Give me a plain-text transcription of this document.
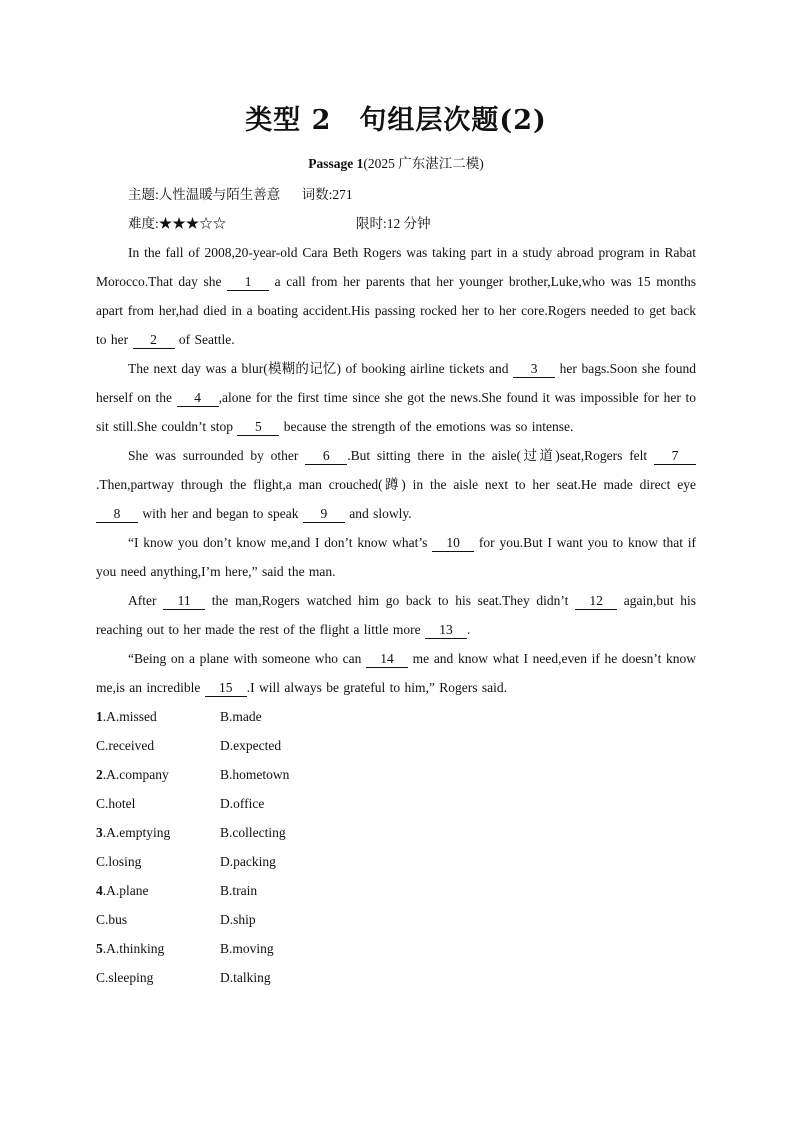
类型 2　句组层次题(2)
Passage 1(2025 广东湛江二模)
主题:人性温暖与陌生善意 词数:271
难度:★★★☆☆	限时:12 分钟

In the fall of 2008,20-year-old Cara Beth Rogers was taking part in a study abroad program in Rabat Morocco.That day she 1 a call from her parents that her younger brother,Luke,who was 15 months apart from her,had died in a boating accident.His passing rocked her to her core.Rogers needed to get back to her 2 of Seattle.

The next day was a blur(模糊的记忆) of booking airline tickets and 3 her bags.Soon she found herself on the 4 ,alone for the first time since she got the news.She found it was impossible for her to sit still.She couldn’t stop 5 because the strength of the emotions was so intense.

She was surrounded by other 6 .But sitting there in the aisle(过道)seat,Rogers felt 7.Then,partway through the flight,a man crouched(蹲) in the aisle next to her seat.He made direct eye 8 with her and began to speak 9 and slowly.

“I know you don’t know me,and I don’t know what’s 10 for you.But I want you to know that if you need anything,I’m here,” said the man.

After 11 the man,Rogers watched him go back to his seat.They didn’t 12 again,but his reaching out to her made the rest of the flight a little more 13 .

“Being on a plane with someone who can 14 me and know what I need,even if he doesn’t know me,is an incredible 15 .I will always be grateful to him,” Rogers said.

1.A.missed	B.made
C.received	D.expected
2.A.company	B.hometown
C.hotel	D.office
3.A.emptying	B.collecting
C.losing	D.packing
4.A.plane	B.train
C.bus	D.ship
5.A.thinking	B.moving
C.sleeping	D.talking
